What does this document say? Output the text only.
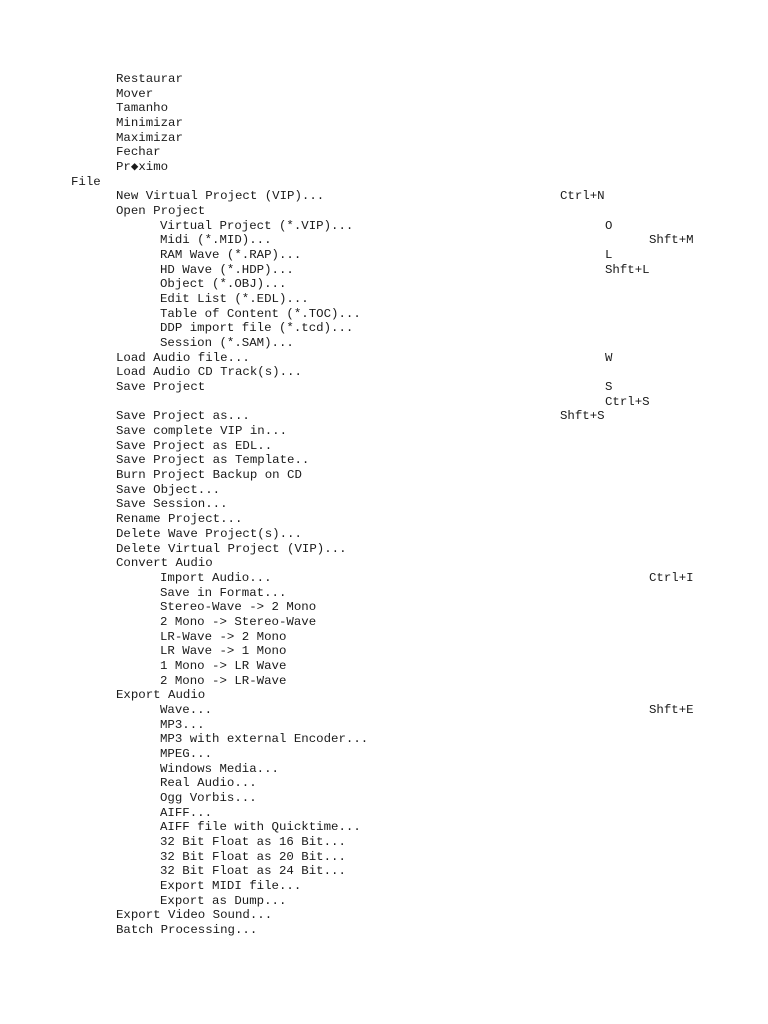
Restaurar
Mover
Tamanho
Minimizar
Maximizar
Fechar
Pr◆ximo
File
New Virtual Project (VIP)...	Ctrl+N
Open Project
Virtual Project (*.VIP)...	O
Midi (*.MID)...	Shft+M
RAM Wave (*.RAP)...	L
HD Wave (*.HDP)...	Shft+L
Object (*.OBJ)...
Edit List (*.EDL)...
Table of Content (*.TOC)...
DDP import file (*.tcd)...
Session (*.SAM)...
Load Audio file...	W
Load Audio CD Track(s)...
Save Project	S
Ctrl+S
Save Project as...	Shft+S
Save complete VIP in...
Save Project as EDL..
Save Project as Template..
Burn Project Backup on CD
Save Object...
Save Session...
Rename Project...
Delete Wave Project(s)...
Delete Virtual Project (VIP)...
Convert Audio
Import Audio...	Ctrl+I
Save in Format...
Stereo-Wave -> 2 Mono
2 Mono -> Stereo-Wave
LR-Wave -> 2 Mono
LR Wave -> 1 Mono
1 Mono -> LR Wave
2 Mono -> LR-Wave
Export Audio
Wave...	Shft+E
MP3...
MP3 with external Encoder...
MPEG...
Windows Media...
Real Audio...
Ogg Vorbis...
AIFF...
AIFF file with Quicktime...
32 Bit Float as 16 Bit...
32 Bit Float as 20 Bit...
32 Bit Float as 24 Bit...
Export MIDI file...
Export as Dump...
Export Video Sound...
Batch Processing...
